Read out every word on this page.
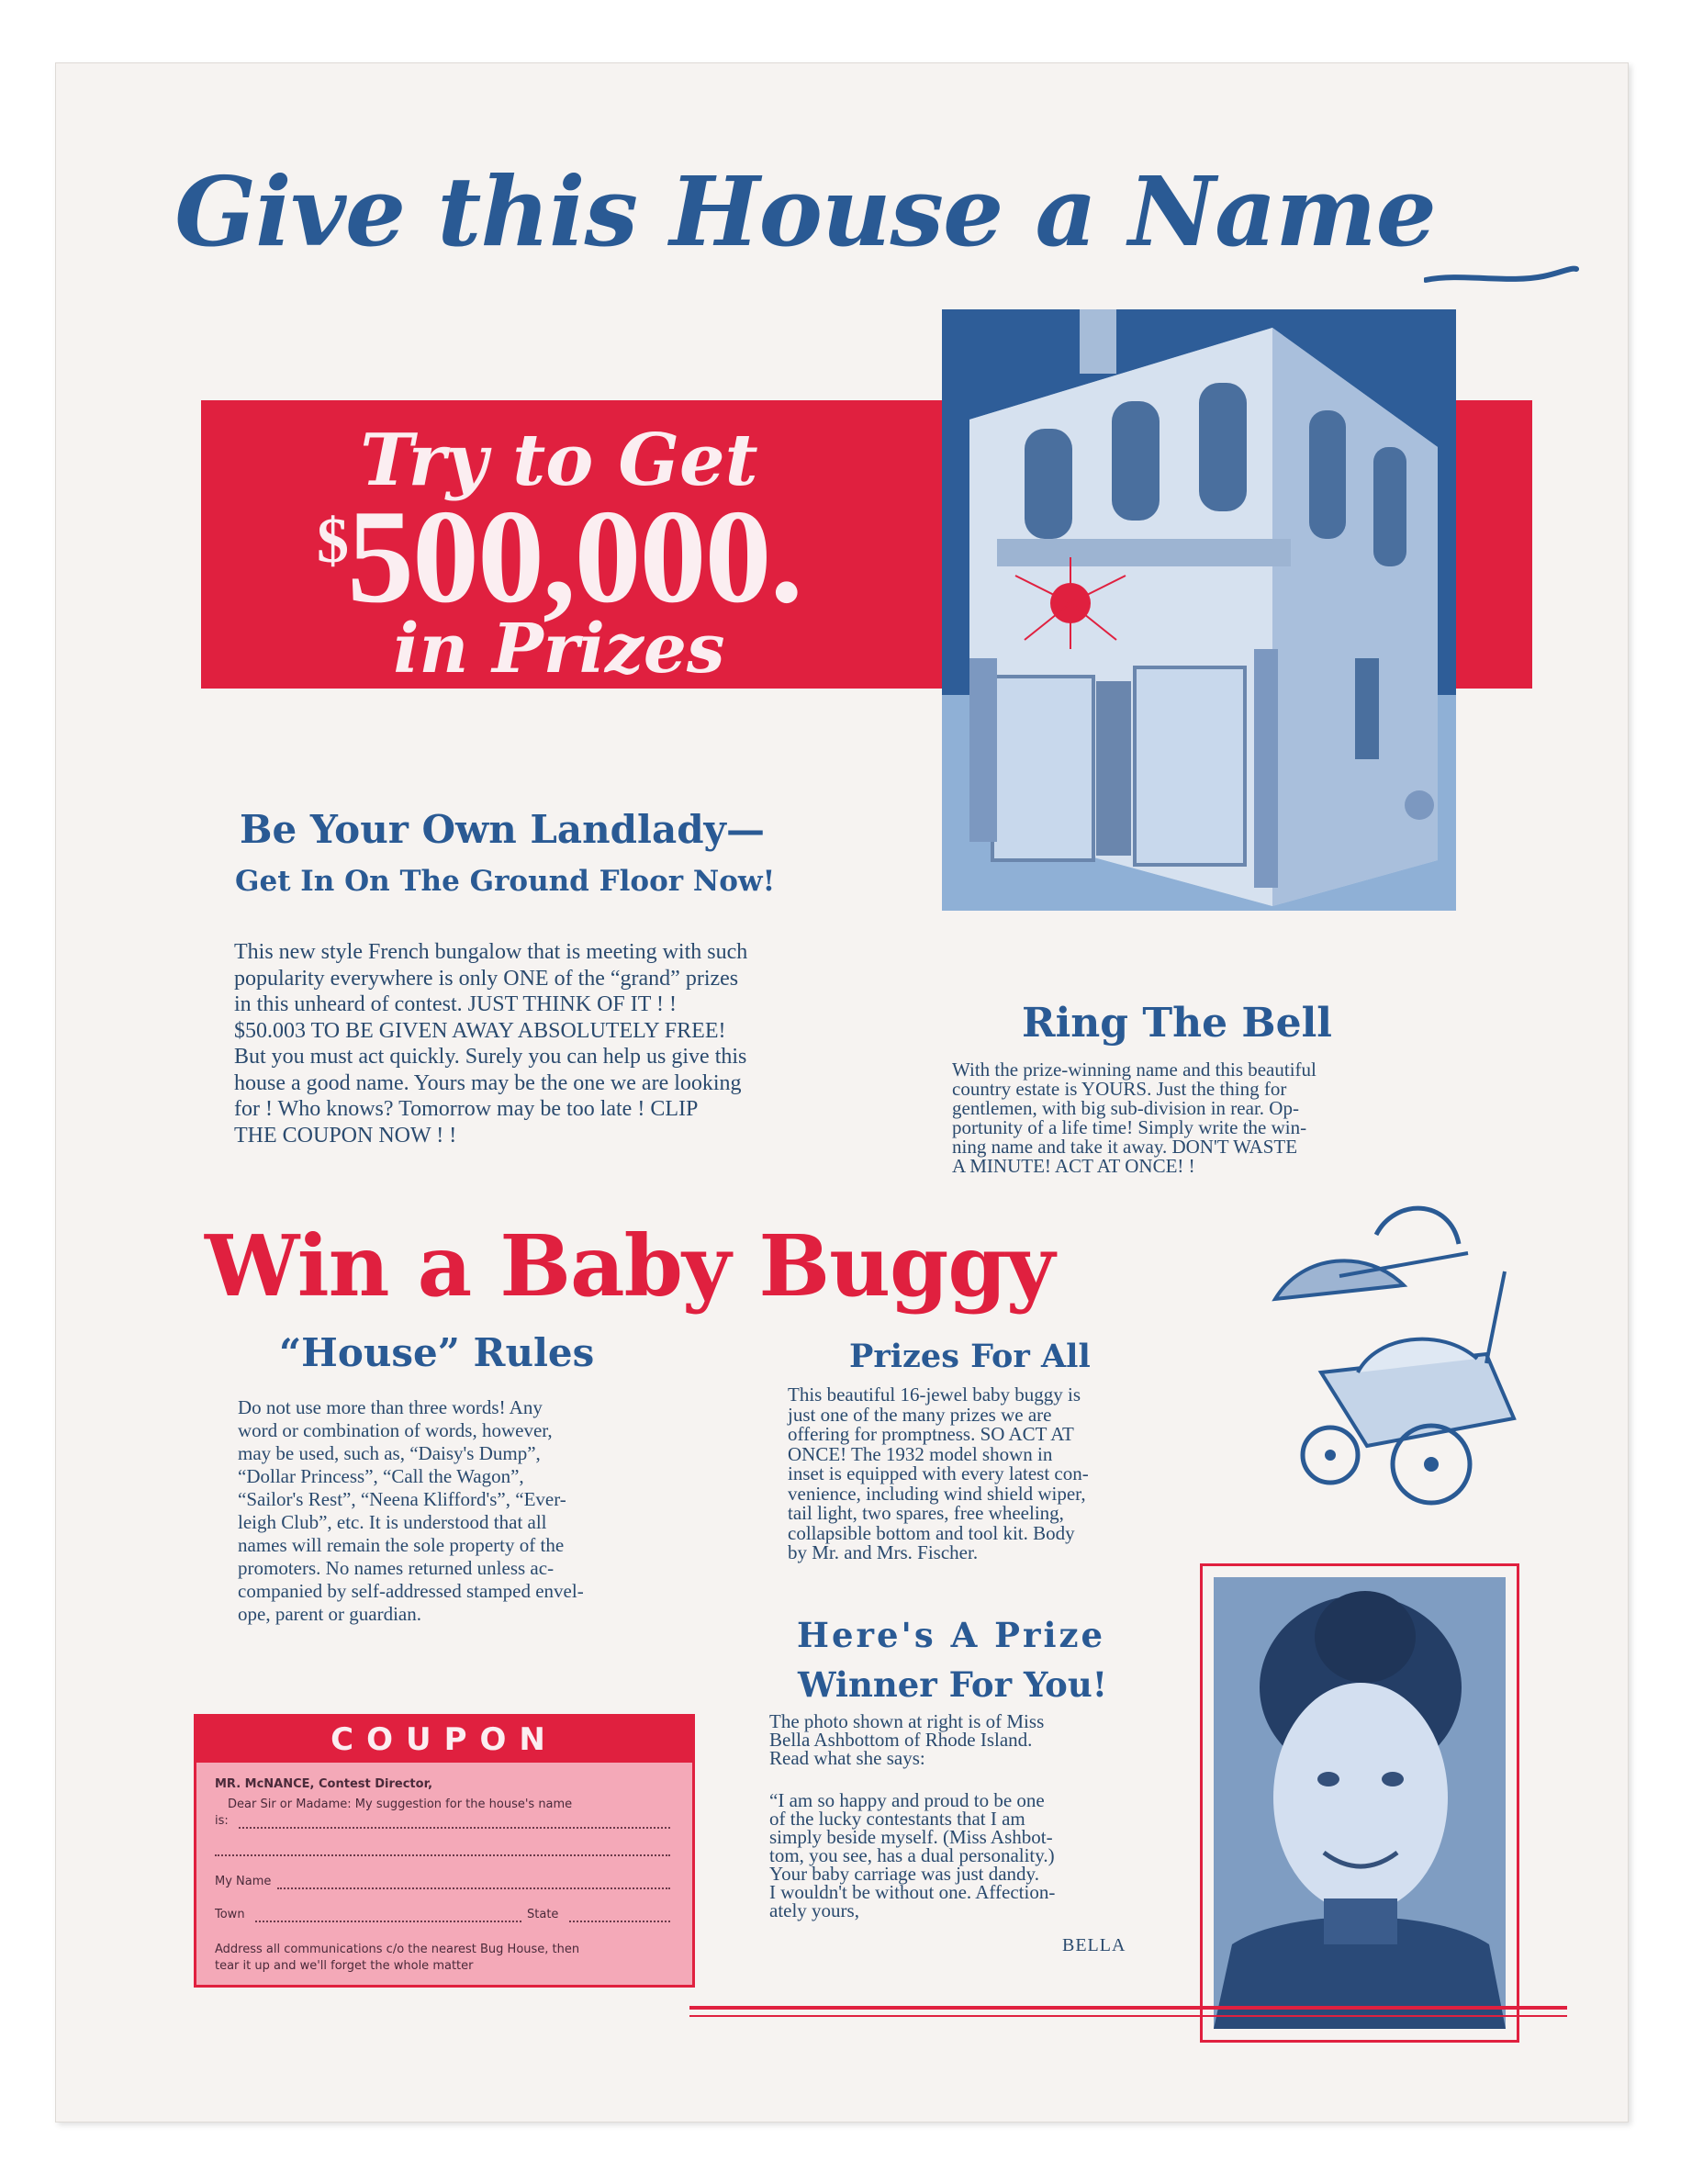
Give this House a Name
Try to Get
$500,000.
in Prizes
Be Your Own Landlady—
Get In On The Ground Floor Now!
This new style French bungalow that is meeting with such
popularity everywhere is only ONE of the “grand” prizes
in this unheard of contest. JUST THINK OF IT ! !
$50.003 TO BE GIVEN AWAY ABSOLUTELY FREE!
But you must act quickly. Surely you can help us give this
house a good name. Yours may be the one we are looking
for ! Who knows? Tomorrow may be too late ! CLIP
THE COUPON NOW ! !
Ring The Bell
With the prize-winning name and this beautiful
country estate is YOURS. Just the thing for
gentlemen, with big sub-division in rear. Op-
portunity of a life time! Simply write the win-
ning name and take it away. DON'T WASTE
A MINUTE! ACT AT ONCE! !
Win a Baby Buggy
“House” Rules
Do not use more than three words! Any
word or combination of words, however,
may be used, such as, “Daisy's Dump”,
“Dollar Princess”, “Call the Wagon”,
“Sailor's Rest”, “Neena Klifford's”, “Ever-
leigh Club”, etc. It is understood that all
names will remain the sole property of the
promoters. No names returned unless ac-
companied by self-addressed stamped envel-
ope, parent or guardian.
Prizes For All
This beautiful 16-jewel baby buggy is
just one of the many prizes we are
offering for promptness. SO ACT AT
ONCE! The 1932 model shown in
inset is equipped with every latest con-
venience, including wind shield wiper,
tail light, two spares, free wheeling,
collapsible bottom and tool kit. Body
by Mr. and Mrs. Fischer.
Here's A Prize
Winner For You!
The photo shown at right is of Miss
Bella Ashbottom of Rhode Island.
Read what she says:
“I am so happy and proud to be one
of the lucky contestants that I am
simply beside myself. (Miss Ashbot-
tom, you see, has a dual personality.)
Your baby carriage was just dandy.
I wouldn't be without one. Affection-
ately yours,
BELLA
COUPON
MR. McNANCE, Contest Director,
Dear Sir or Madame: My suggestion for the house's name
is:
My Name
Town	State
Address all communications c/o the nearest Bug House, then
tear it up and we'll forget the whole matter
